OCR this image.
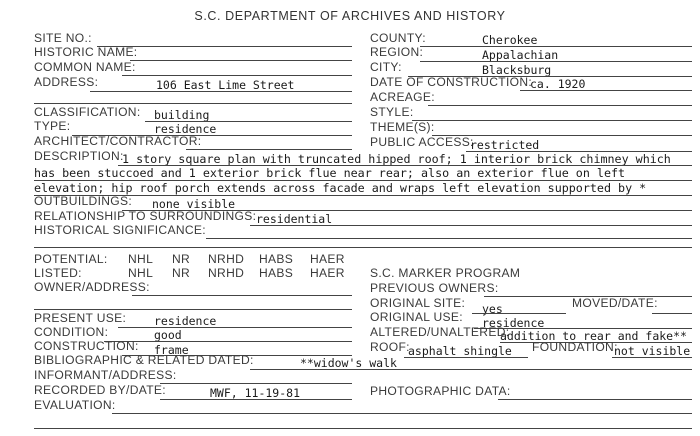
S.C. DEPARTMENT OF ARCHIVES AND HISTORY
SITE NO.:
HISTORIC NAME:
COMMON NAME:
ADDRESS:	106 East Lime Street
COUNTY:	Cherokee
REGION:	Appalachian
CITY:	Blacksburg
DATE OF CONSTRUCTION:
ca. 1920
ACREAGE:
CLASSIFICATION: building	STYLE:
TYPE:	residence	THEME(S):
ARCHITECT/CONTRACTOR:	PUBLIC ACCESS:
restricted
DESCRIPTION:
1 story square plan with truncated hipped roof; 1 interior brick chimney which
has been stuccoed and 1 exterior brick flue near rear; also an exterior flue on left
elevation; hip roof porch extends across facade and wraps left elevation supported by *
OUTBUILDINGS: none visible
RELATIONSHIP TO SURROUNDINGS: residential
HISTORICAL SIGNIFICANCE:
POTENTIAL: NHL NR NRHD HABS HAER
LISTED:	NHL NR NRHD HABS HAER S.C. MARKER PROGRAM
OWNER/ADDRESS:	PREVIOUS OWNERS:
ORIGINAL SITE: yes	MOVED/DATE:
PRESENT USE: residence	ORIGINAL USE: residence
CONDITION:	good	ALTERED/UNALTERED:
addition to rear and fake**
CONSTRUCTION: frame	ROOF:
asphalt shingle FOUNDATION:
not visible
BIBLIOGRAPHIC & RELATED DATED:	**widow's walk
INFORMANT/ADDRESS:
RECORDED BY/DATE:	MWF, 11-19-81	PHOTOGRAPHIC DATA:
EVALUATION:
